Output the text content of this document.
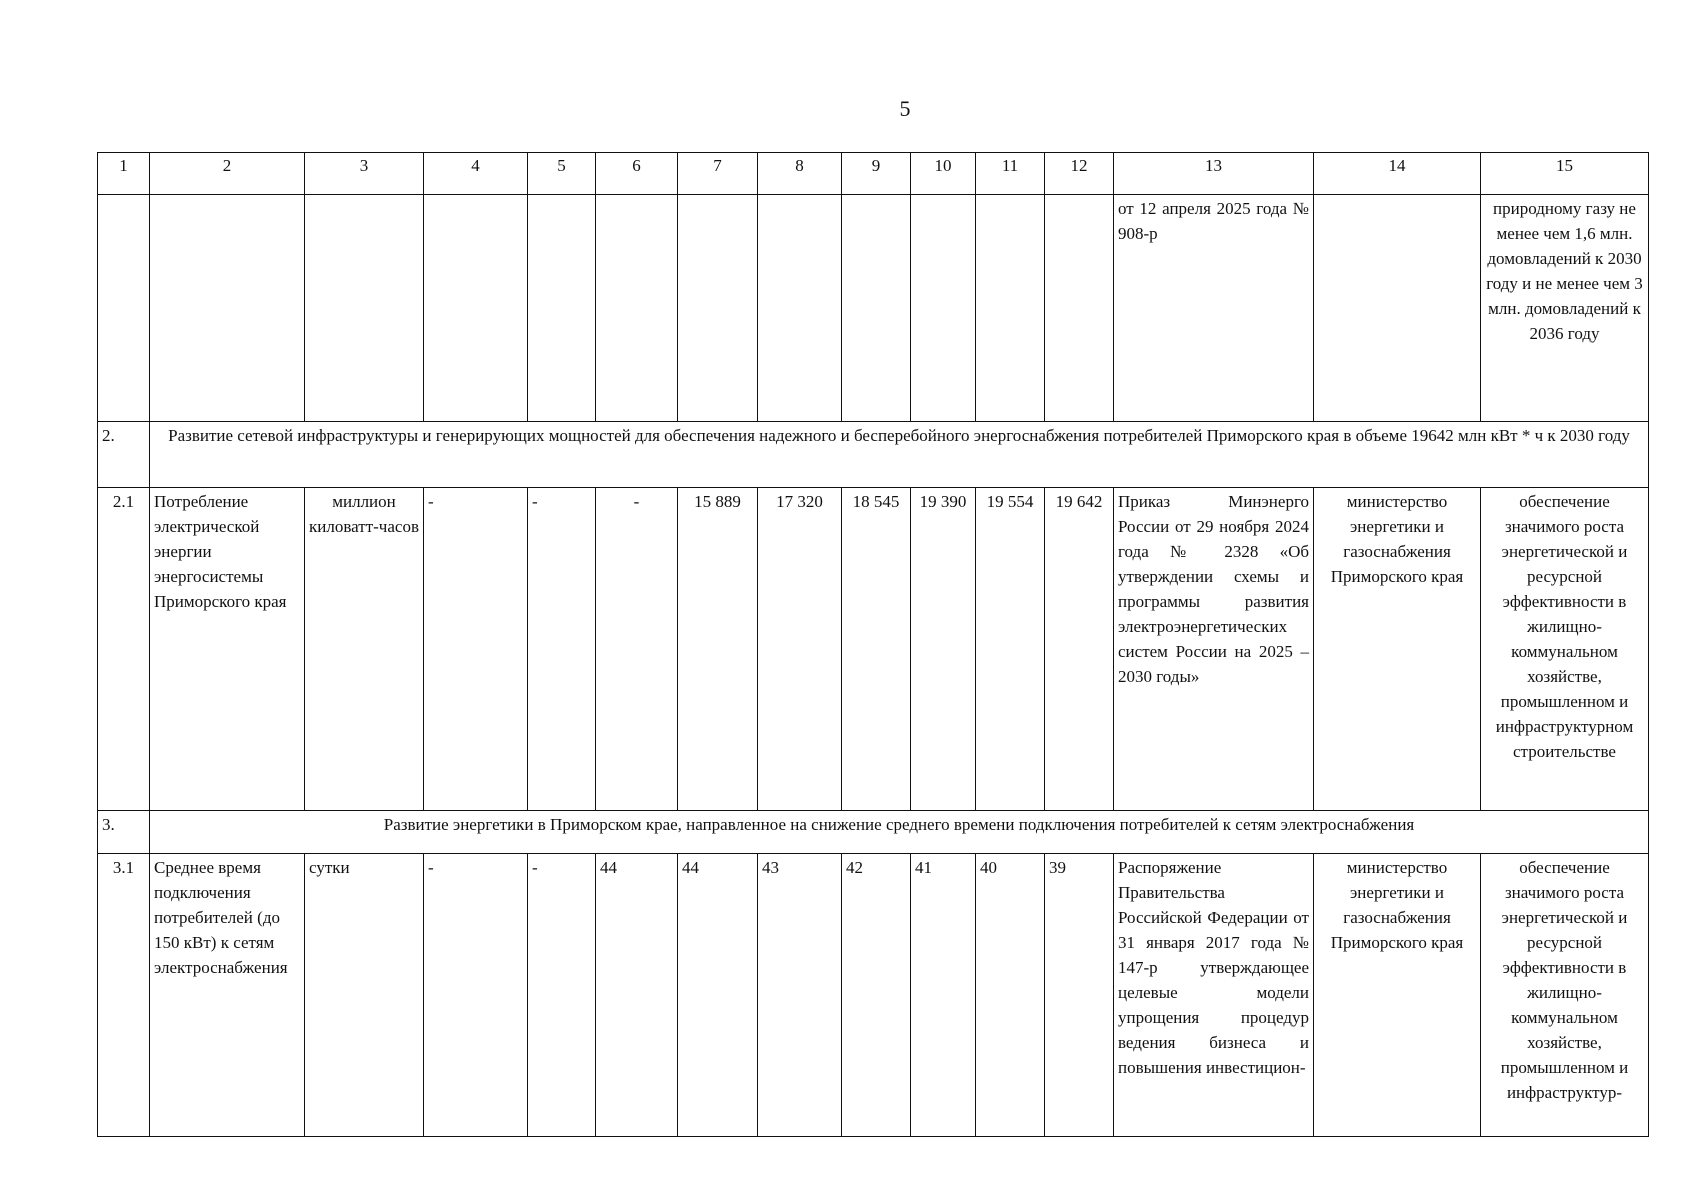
5
1	2	3	4	5	6	7	8	9	10	11	12	13	14	15
												от 12 апреля 2025 года № 908-р		природному газу не менее чем 1,6 млн. домовладений к 2030 году и не менее чем 3 млн. домовладений к 2036 году
2.	Развитие сетевой инфраструктуры и генерирующих мощностей для обеспечения надежного и бесперебойного энергоснабжения потребителей Приморского края в объеме 19642 млн кВт * ч к 2030 году													
2.1	Потребление электрической энергии энергосистемы Приморского края	миллион киловатт-часов	-	-	-	15 889	17 320	18 545	19 390	19 554	19 642	Приказ Минэнерго России от 29 ноября 2024 года № 2328 «Об утверждении схемы и программы развития электроэнергетических систем России на 2025 – 2030 годы»	министерство энергетики и газоснабжения Приморского края	обеспечение значимого роста энергетической и ресурсной эффективности в жилищно-коммунальном хозяйстве, промышленном и инфраструктурном строительстве
3.	Развитие энергетики в Приморском крае, направленное на снижение среднего времени подключения потребителей к сетям электроснабжения													
3.1	Среднее время подключения потребителей (до 150 кВт) к сетям электроснабжения	сутки	-	-	44	44	43	42	41	40	39	Распоряжение Правительства Российской Федерации от 31 января 2017 года № 147-р утверждающее целевые модели упрощения процедур ведения бизнеса и повышения инвестицион-	министерство энергетики и газоснабжения Приморского края	обеспечение значимого роста энергетической и ресурсной эффективности в жилищно-коммунальном хозяйстве, промышленном и инфраструктур-
